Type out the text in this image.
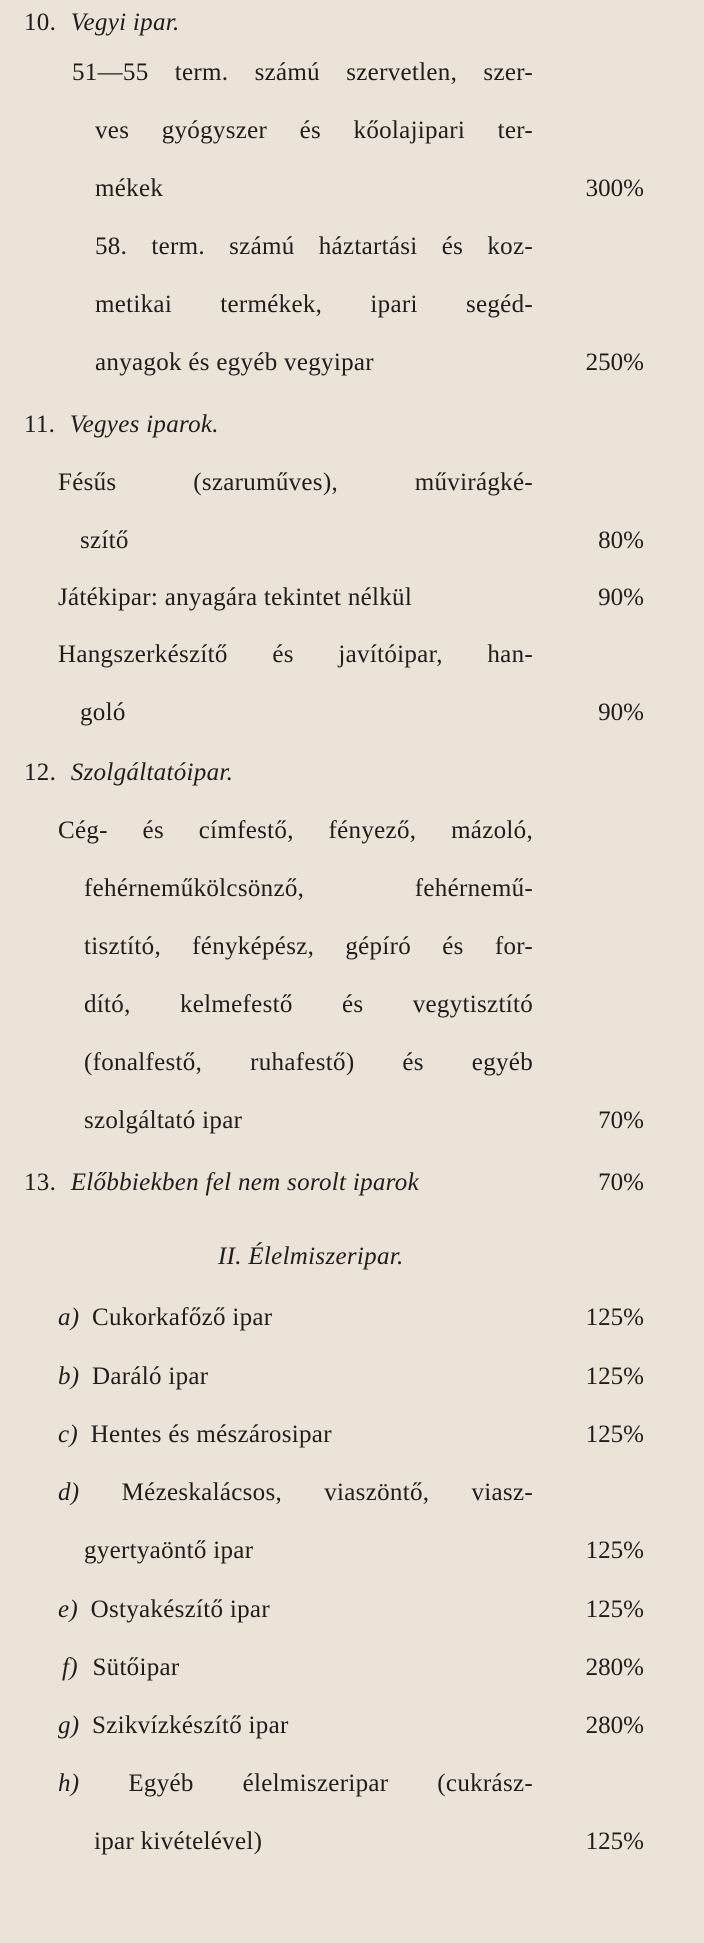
10. Vegyi ipar.
51—55 term. számú szervetlen, szer-
ves gyógyszer és kőolajipari ter-
mékek	300%
58. term. számú háztartási és koz-
metikai termékek, ipari segéd-
anyagok és egyéb vegyipar	250%
11. Vegyes iparok.
Fésűs (szaruműves), művirágké-
szítő	80%
Játékipar: anyagára tekintet nélkül	90%
Hangszerkészítő és javítóipar, han-
goló	90%
12. Szolgáltatóipar.
Cég- és címfestő, fényező, mázoló,
fehérneműkölcsönző, fehérnemű-
tisztító, fényképész, gépíró és for-
dító, kelmefestő és vegytisztító
(fonalfestő, ruhafestő) és egyéb
szolgáltató ipar	70%
13. Előbbiekben fel nem sorolt iparok	70%
II. Élelmiszeripar.
a) Cukorkafőző ipar	125%
b) Daráló ipar	125%
c) Hentes és mészárosipar	125%
d) Mézeskalácsos, viaszöntő, viasz-
gyertyaöntő ipar	125%
e) Ostyakészítő ipar	125%
f) Sütőipar	280%
g) Szikvízkészítő ipar	280%
h) Egyéb élelmiszeripar (cukrász-
ipar kivételével)	125%
